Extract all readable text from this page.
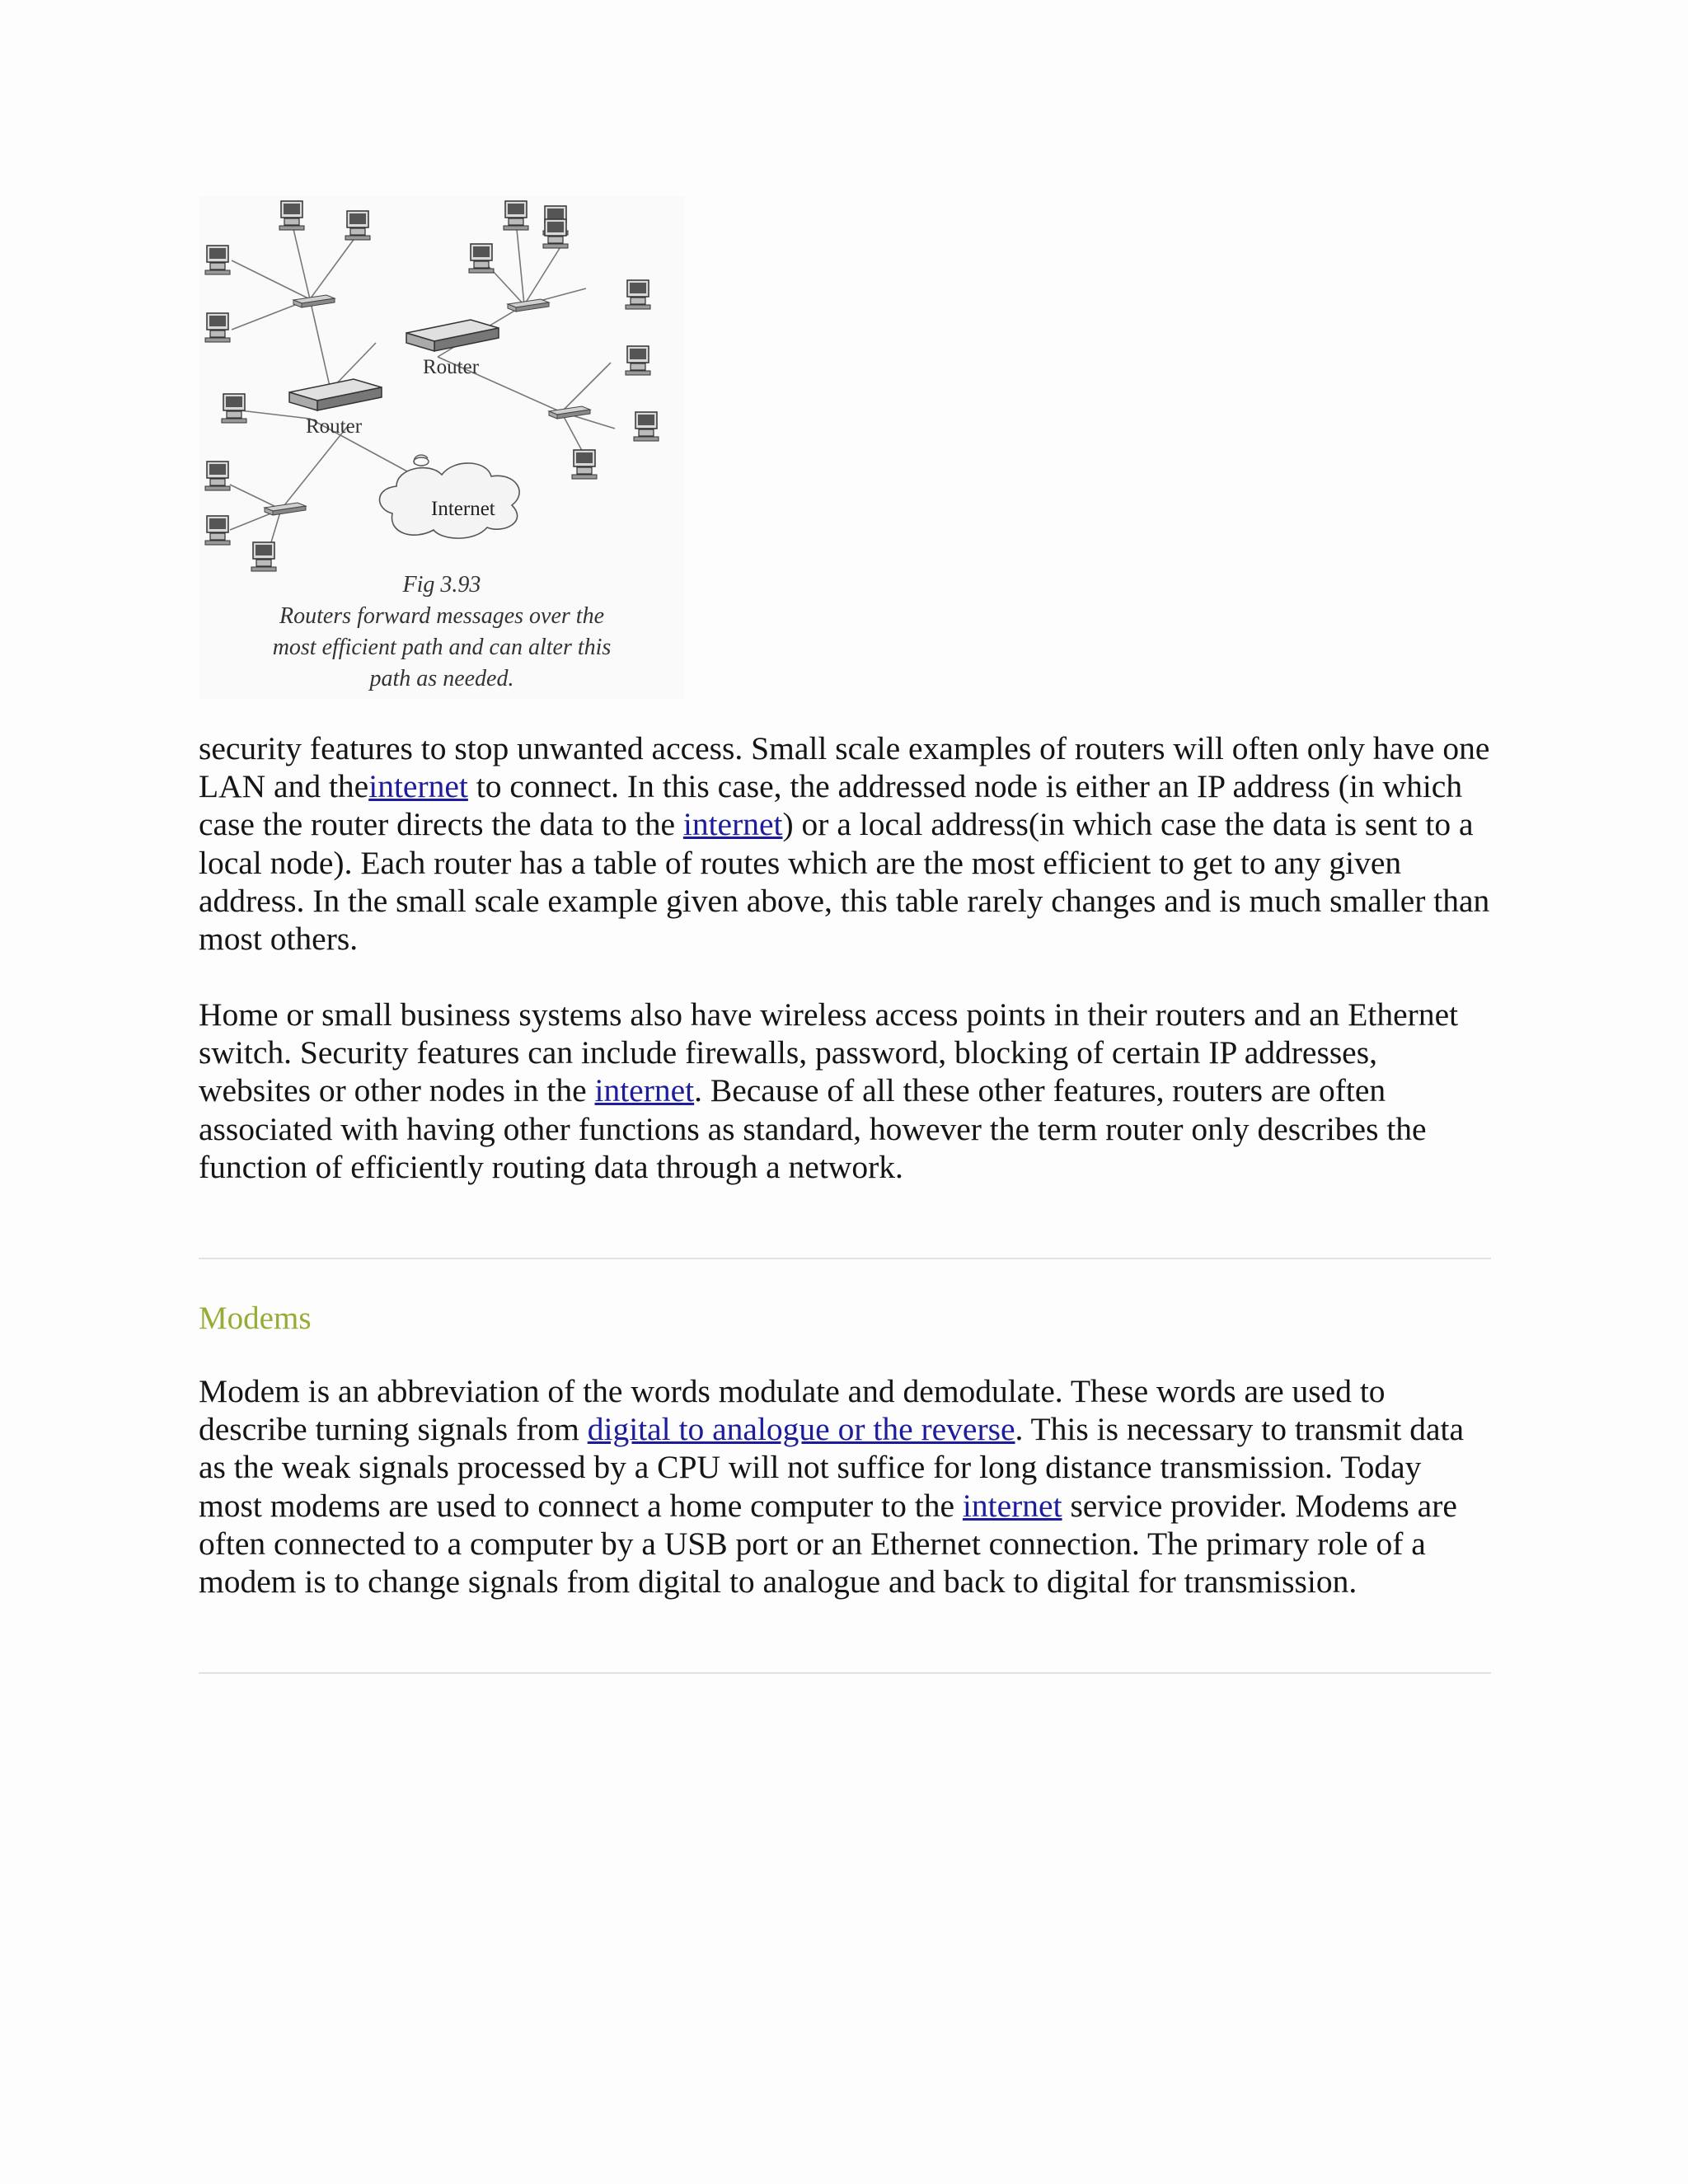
Router
Router
Internet
Fig 3.93
Routers forward messages over the
most efficient path and can alter this
path as needed.

security features to stop unwanted access. Small scale examples of routers will often only have one LAN and theinternet to connect. In this case, the addressed node is either an IP address (in which case the router directs the data to the internet) or a local address(in which case the data is sent to a local node). Each router has a table of routes which are the most efficient to get to any given address. In the small scale example given above, this table rarely changes and is much smaller than most others.

Home or small business systems also have wireless access points in their routers and an Ethernet switch. Security features can include firewalls, password, blocking of certain IP addresses, websites or other nodes in the internet. Because of all these other features, routers are often associated with having other functions as standard, however the term router only describes the function of efficiently routing data through a network.

Modems

Modem is an abbreviation of the words modulate and demodulate. These words are used to describe turning signals from digital to analogue or the reverse. This is necessary to transmit data as the weak signals processed by a CPU will not suffice for long distance transmission. Today most modems are used to connect a home computer to the internet service provider. Modems are often connected to a computer by a USB port or an Ethernet connection. The primary role of a modem is to change signals from digital to analogue and back to digital for transmission.
